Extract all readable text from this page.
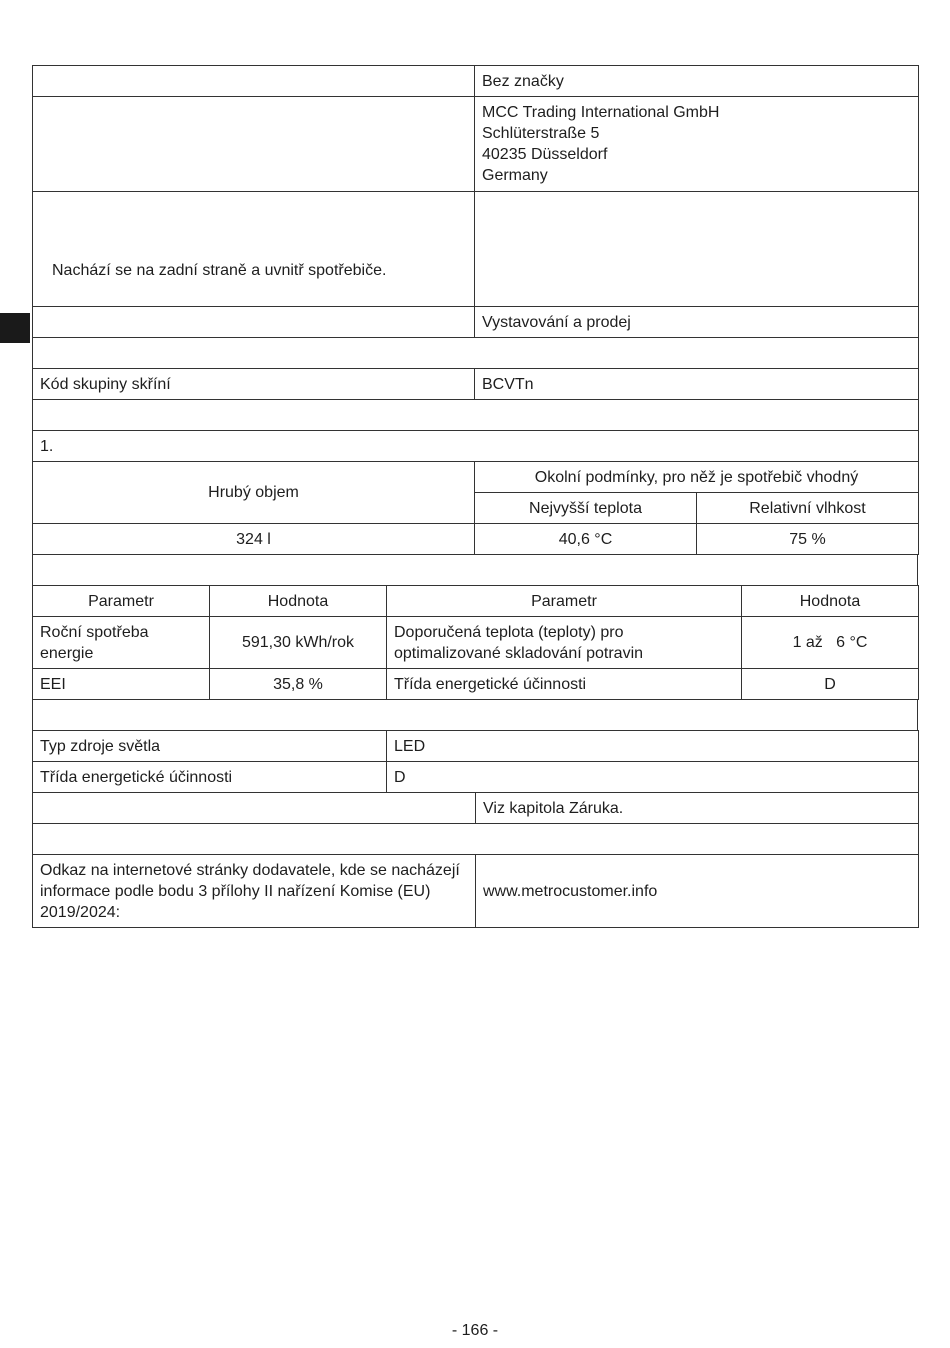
	Bez značky

	MCC Trading International GmbH
Schlüterstraße 5
40235 Düsseldorf
Germany

Nachází se na zadní straně a uvnitř spotřebiče.	
	Vystavování a prodej

Kód skupiny skříní	BCVTn

1.	
Hrubý objem	Okolní podmínky, pro něž je spotřebič vhodný	
	Nejvyšší teplota	Relativní vlhkost
324 l	40,6 °C	75 %
Parametr	Hodnota	Parametr	Hodnota
Roční spotřeba energie	591,30 kWh/rok	Doporučená teplota (teploty) pro optimalizované skladování potravin	1 až   6 °C
EEI	35,8 %	Třída energetické účinnosti	D
Typ zdroje světla	LED
Třída energetické účinnosti	D
	Viz kapitola Záruka.

Odkaz na internetové stránky dodavatele, kde se nacházejí informace podle bodu 3 přílohy II nařízení Komise (EU) 2019/2024:	www.metrocustomer.info
- 166 -
